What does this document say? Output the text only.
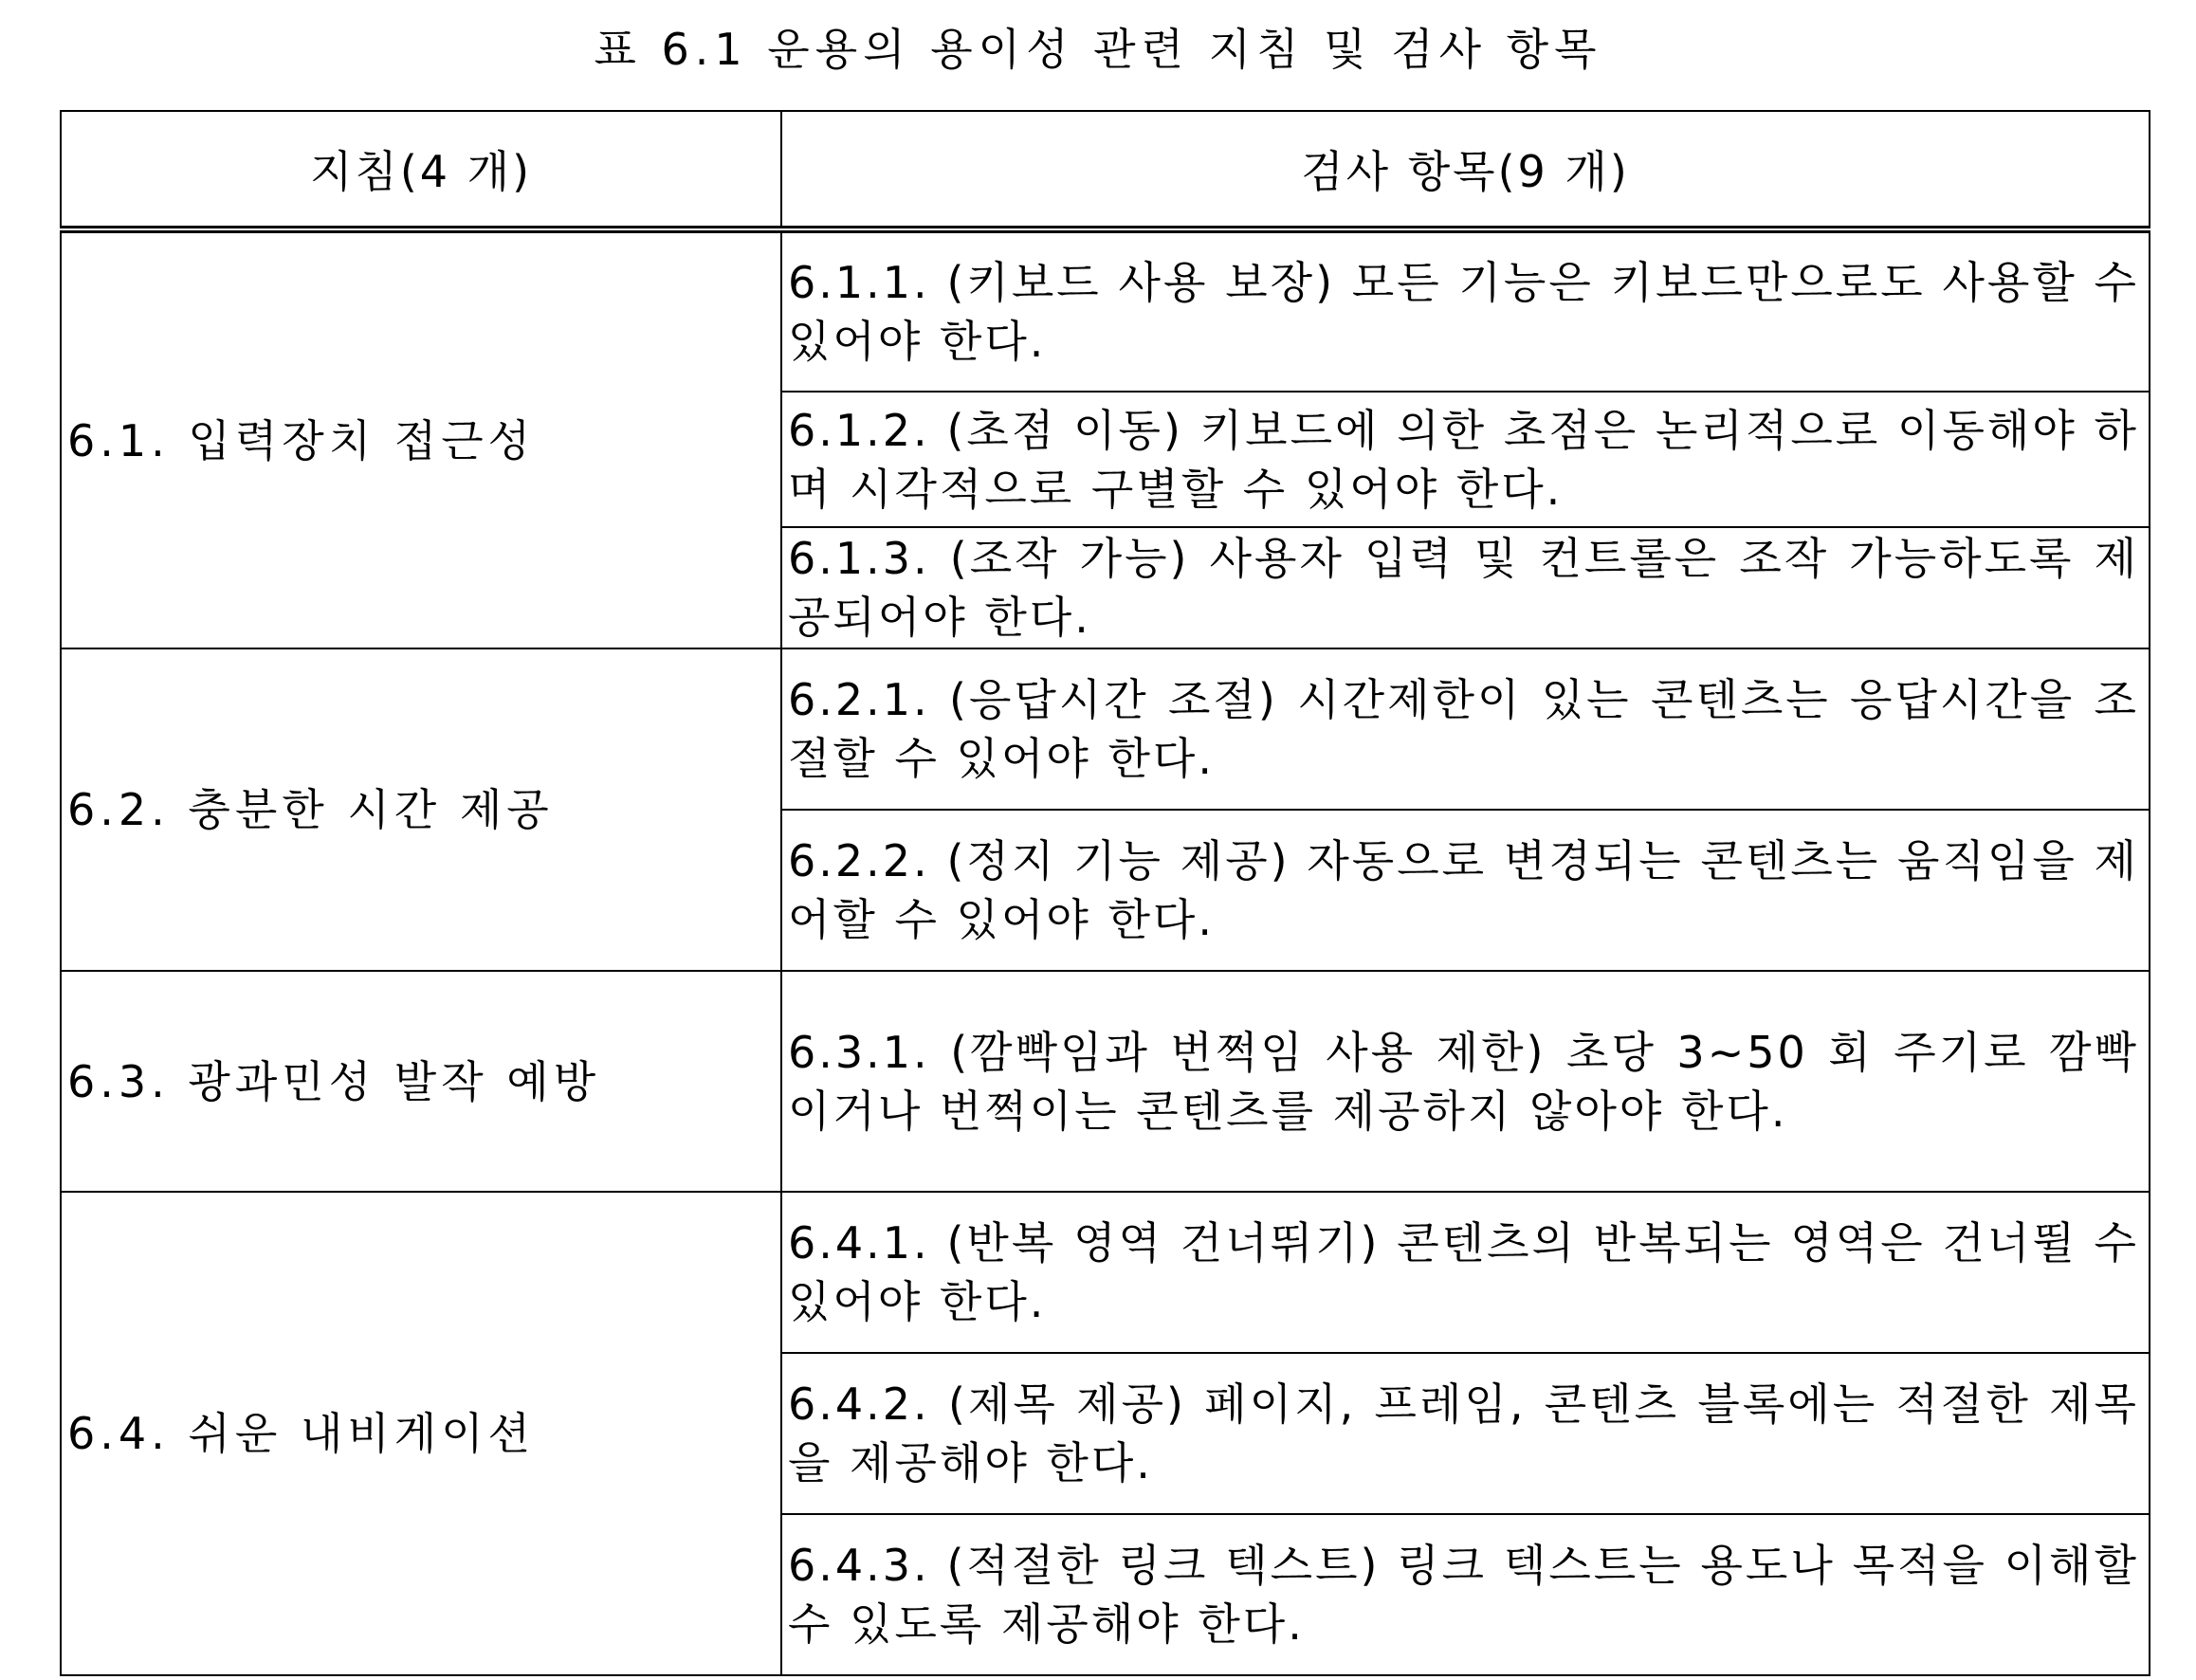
표 6.1 운용의 용이성 관련 지침 및 검사 항목
지침(4 개)	검사 항목(9 개)
6.1. 입력장치 접근성	6.1.1. (키보드 사용 보장) 모든 기능은 키보드만으로도 사용할 수 있어야 한다.
	6.1.2. (초점 이동) 키보드에 의한 초점은 논리적으로 이동해야 하며 시각적으로 구별할 수 있어야 한다.
	6.1.3. (조작 가능) 사용자 입력 및 컨트롤은 조작 가능하도록 제공되어야 한다.
6.2. 충분한 시간 제공	6.2.1. (응답시간 조절) 시간제한이 있는 콘텐츠는 응답시간을 조절할 수 있어야 한다.
	6.2.2. (정지 기능 제공) 자동으로 변경되는 콘텐츠는 움직임을 제어할 수 있어야 한다.
6.3. 광과민성 발작 예방	6.3.1. (깜빡임과 번쩍임 사용 제한) 초당 3~50 회 주기로 깜빡이거나 번쩍이는 콘텐츠를 제공하지 않아야 한다.
6.4. 쉬운 내비게이션	6.4.1. (반복 영역 건너뛰기) 콘텐츠의 반복되는 영역은 건너뛸 수 있어야 한다.
	6.4.2. (제목 제공) 페이지, 프레임, 콘텐츠 블록에는 적절한 제목을 제공해야 한다.
	6.4.3. (적절한 링크 텍스트) 링크 텍스트는 용도나 목적을 이해할 수 있도록 제공해야 한다.
